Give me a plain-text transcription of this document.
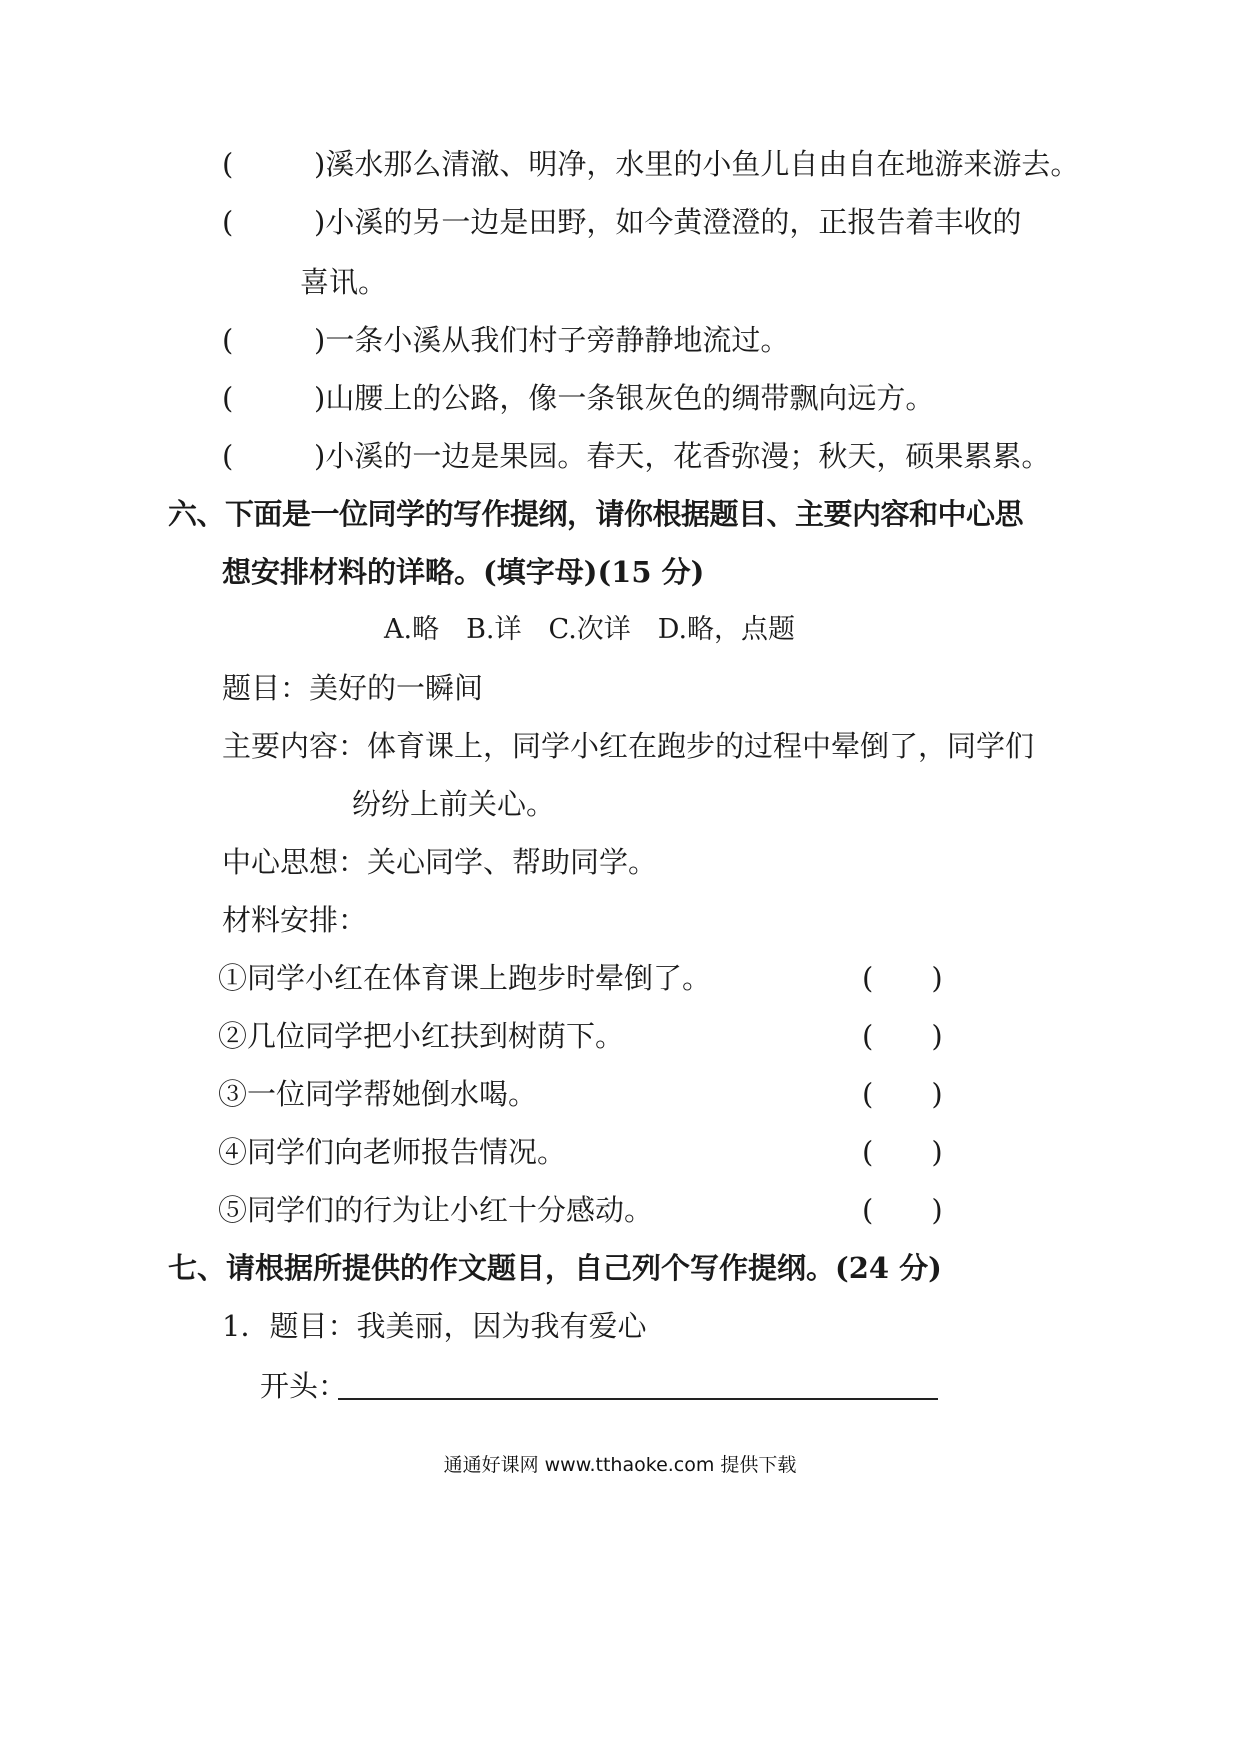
(	)溪水那么清澈、明净，水里的小鱼儿自由自在地游来游去。
(	)小溪的另一边是田野，如今黄澄澄的，正报告着丰收的
喜讯。
(	)一条小溪从我们村子旁静静地流过。
(	)山腰上的公路，像一条银灰色的绸带飘向远方。
(	)小溪的一边是果园。春天，花香弥漫；秋天，硕果累累。
六、下面是一位同学的写作提纲，请你根据题目、主要内容和中心思
想安排材料的详略。(填字母)(15 分)
A.略　B.详　C.次详　D.略，点题
题目：美好的一瞬间
主要内容：体育课上，同学小红在跑步的过程中晕倒了，同学们
纷纷上前关心。
中心思想：关心同学、帮助同学。
材料安排：
①同学小红在体育课上跑步时晕倒了。	(　　)
②几位同学把小红扶到树荫下。	(　　)
③一位同学帮她倒水喝。	(　　)
④同学们向老师报告情况。	(　　)
⑤同学们的行为让小红十分感动。	(　　)
七、请根据所提供的作文题目，自己列个写作提纲。(24 分)
1．题目：我美丽，因为我有爱心
开头：
通通好课网 www.tthaoke.com 提供下载
